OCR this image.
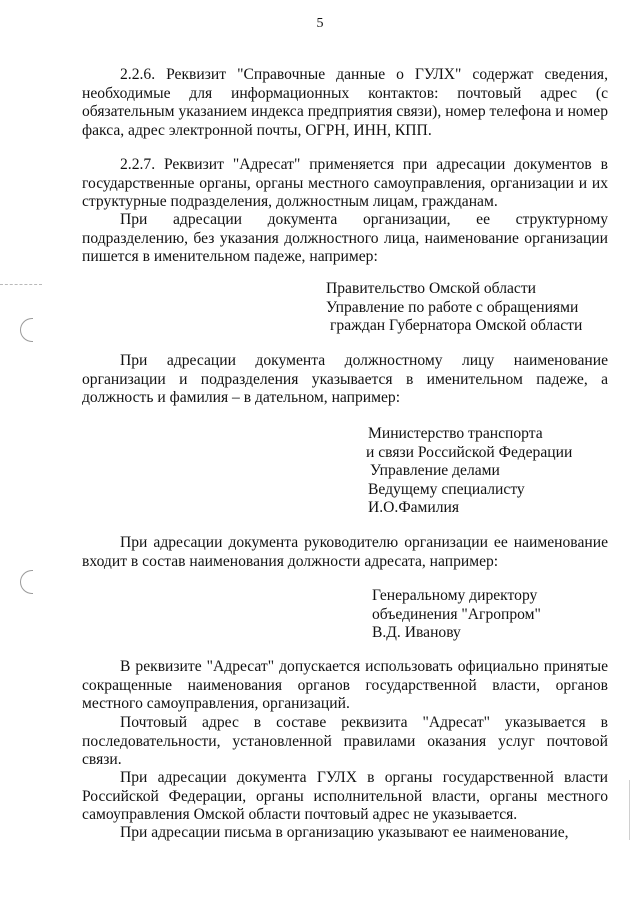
5

2.2.6. Реквизит "Справочные данные о ГУЛХ" содержат сведения, необходимые для информационных контактов: почтовый адрес (с обязательным указанием индекса предприятия связи), номер телефона и номер факса, адрес электронной почты, ОГРН, ИНН, КПП.

2.2.7. Реквизит "Адресат" применяется при адресации документов в государственные органы, органы местного самоуправления, организации и их структурные подразделения, должностным лицам, гражданам.

При адресации документа организации, ее структурному подразделению, без указания должностного лица, наименование организации пишется в именительном падеже, например:

Правительство Омской области
Управление по работе с обращениями
граждан Губернатора Омской области

При адресации документа должностному лицу наименование организации и подразделения указывается в именительном падеже, а должность и фамилия – в дательном, например:

Министерство транспорта
и связи Российской Федерации
Управление делами
Ведущему специалисту
И.О.Фамилия

При адресации документа руководителю организации ее наименование входит в состав наименования должности адресата, например:

Генеральному директору
объединения "Агропром"
В.Д. Иванову

В реквизите "Адресат" допускается использовать официально принятые сокращенные наименования органов государственной власти, органов местного самоуправления, организаций.

Почтовый адрес в составе реквизита "Адресат" указывается в последовательности, установленной правилами оказания услуг почтовой связи.

При адресации документа ГУЛХ в органы государственной власти Российской Федерации, органы исполнительной власти, органы местного самоуправления Омской области почтовый адрес не указывается.

При адресации письма в организацию указывают ее наименование,
